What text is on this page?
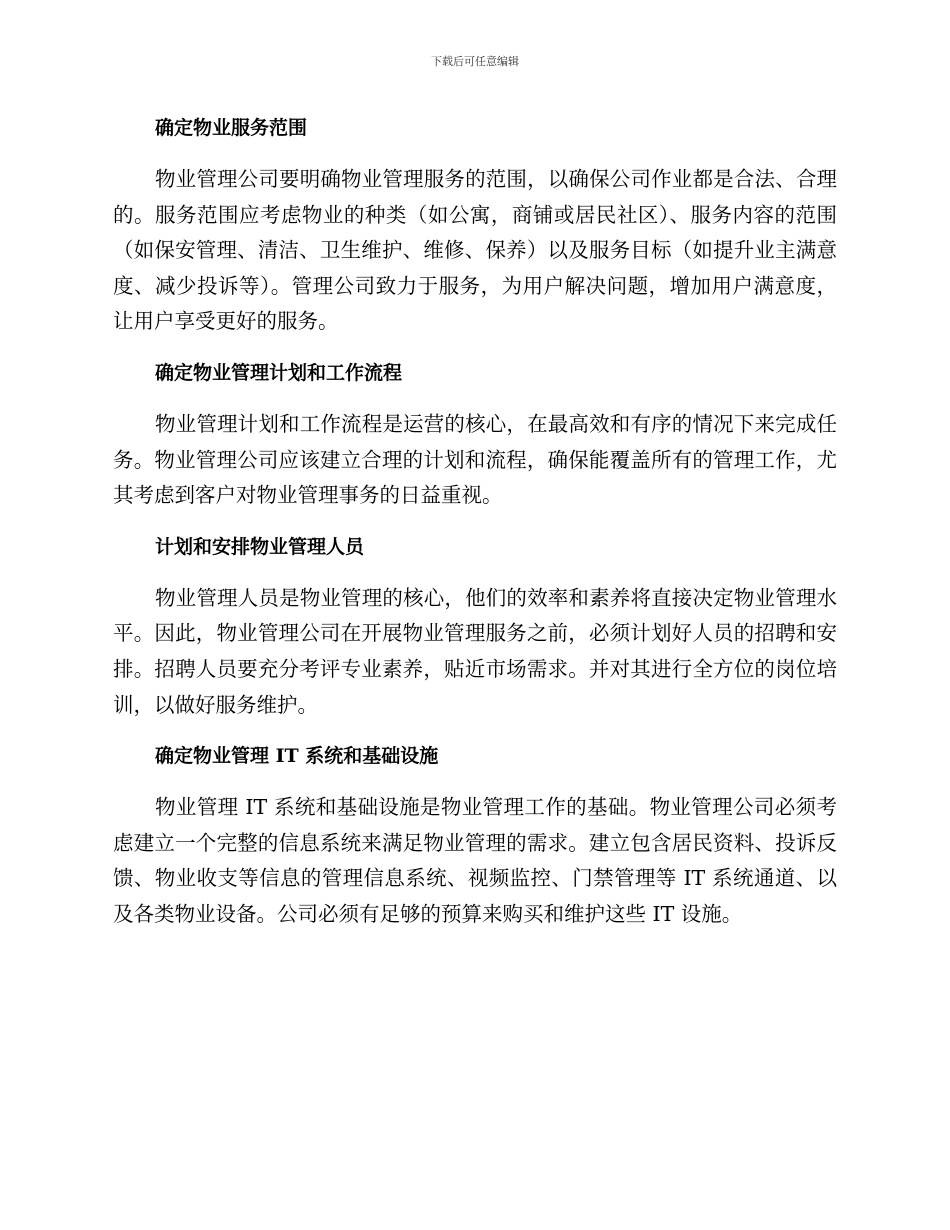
下载后可任意编辑
确定物业服务范围

物业管理公司要明确物业管理服务的范围，以确保公司作业都是合法、合理的。服务范围应考虑物业的种类（如公寓，商铺或居民社区）、服务内容的范围（如保安管理、清洁、卫生维护、维修、保养）以及服务目标（如提升业主满意度、减少投诉等）。管理公司致力于服务，为用户解决问题，增加用户满意度，让用户享受更好的服务。

确定物业管理计划和工作流程

物业管理计划和工作流程是运营的核心，在最高效和有序的情况下来完成任务。物业管理公司应该建立合理的计划和流程，确保能覆盖所有的管理工作，尤其考虑到客户对物业管理事务的日益重视。

计划和安排物业管理人员

物业管理人员是物业管理的核心，他们的效率和素养将直接决定物业管理水平。因此，物业管理公司在开展物业管理服务之前，必须计划好人员的招聘和安排。招聘人员要充分考评专业素养，贴近市场需求。并对其进行全方位的岗位培训，以做好服务维护。

确定物业管理 IT 系统和基础设施

物业管理 IT 系统和基础设施是物业管理工作的基础。物业管理公司必须考虑建立一个完整的信息系统来满足物业管理的需求。建立包含居民资料、投诉反馈、物业收支等信息的管理信息系统、视频监控、门禁管理等 IT 系统通道、以及各类物业设备。公司必须有足够的预算来购买和维护这些 IT 设施。
